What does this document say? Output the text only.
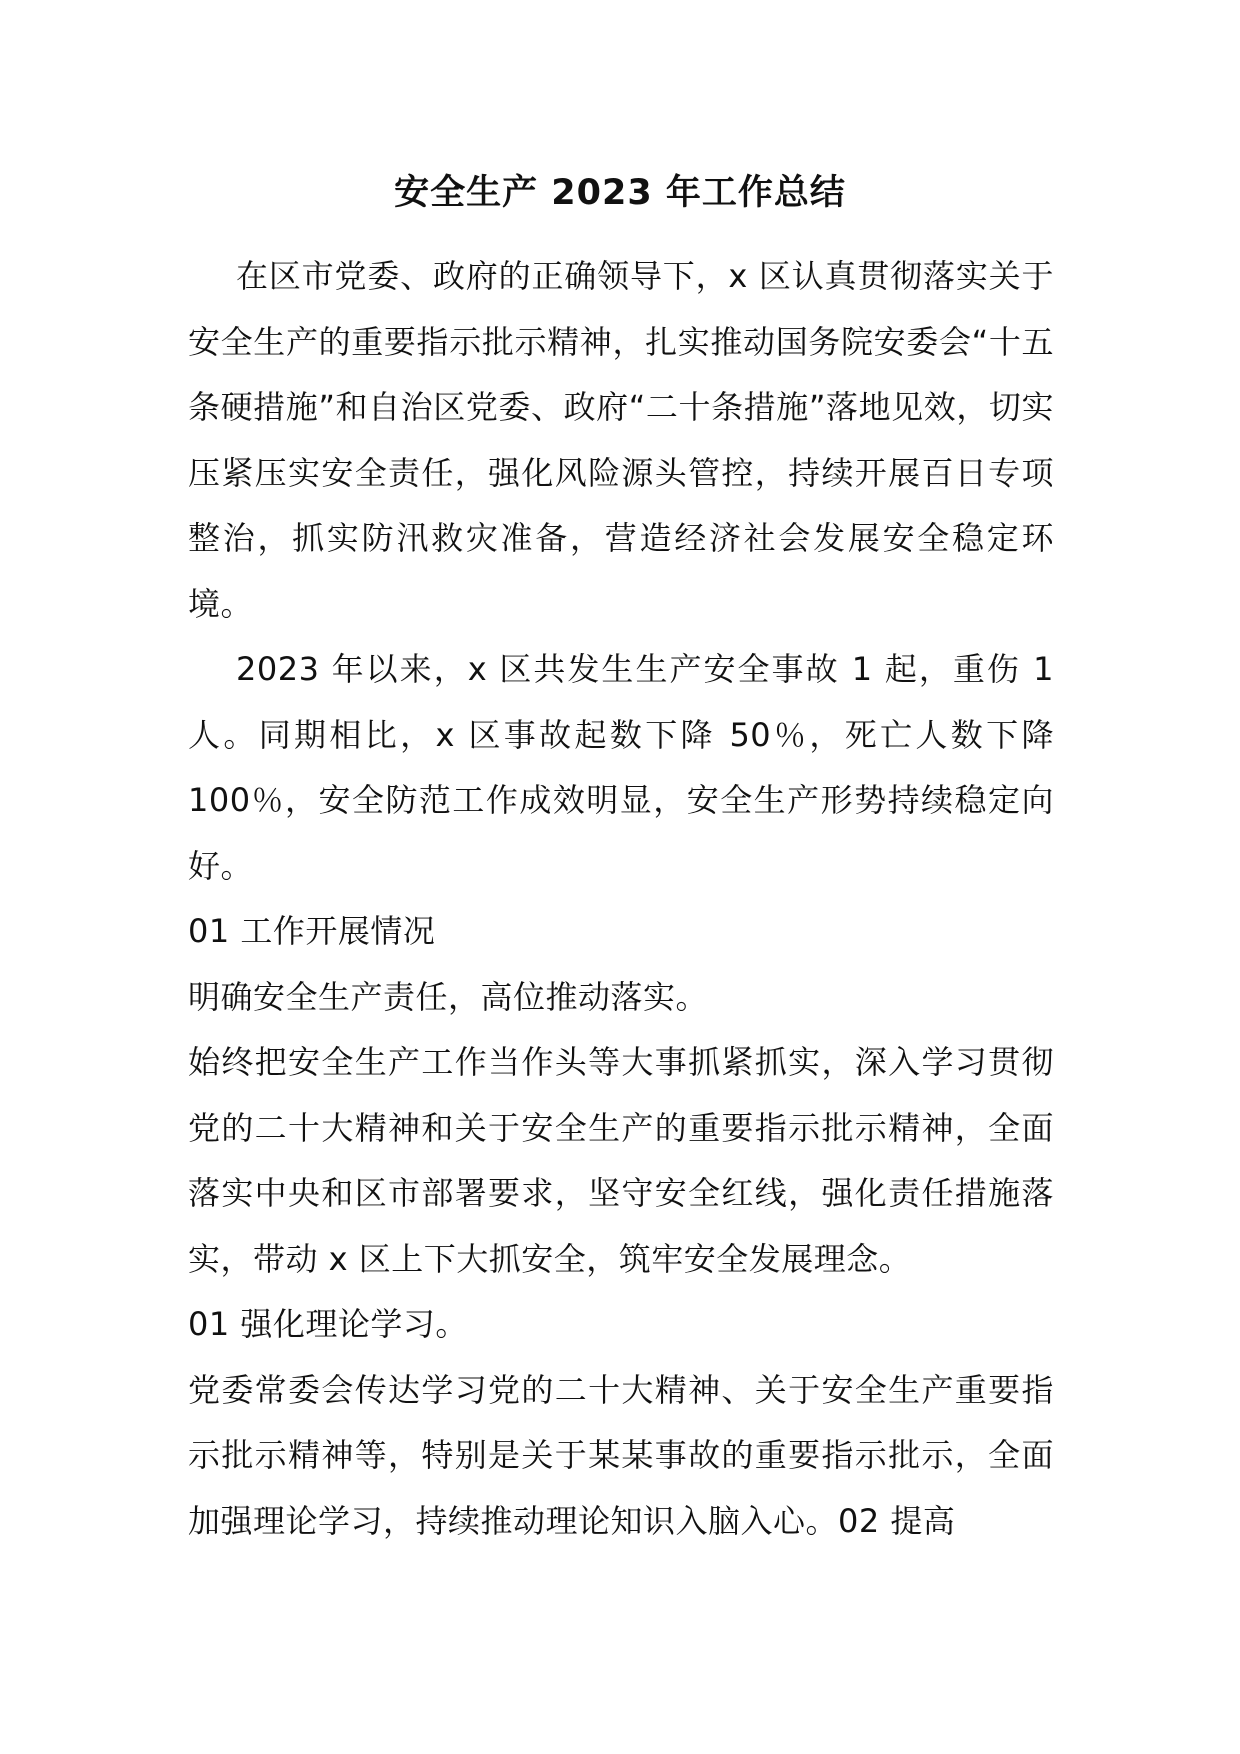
安全生产 2023 年工作总结

在区市党委、政府的正确领导下，x 区认真贯彻落实关于安全生产的重要指示批示精神，扎实推动国务院安委会“十五条硬措施”和自治区党委、政府“二十条措施”落地见效，切实压紧压实安全责任，强化风险源头管控，持续开展百日专项整治，抓实防汛救灾准备，营造经济社会发展安全稳定环境。

2023 年以来，x 区共发生生产安全事故 1 起，重伤 1 人。同期相比，x 区事故起数下降 50％，死亡人数下降 100％，安全防范工作成效明显，安全生产形势持续稳定向好。

01 工作开展情况

明确安全生产责任，高位推动落实。

始终把安全生产工作当作头等大事抓紧抓实，深入学习贯彻党的二十大精神和关于安全生产的重要指示批示精神，全面落实中央和区市部署要求，坚守安全红线，强化责任措施落实，带动 x 区上下大抓安全，筑牢安全发展理念。

01 强化理论学习。

党委常委会传达学习党的二十大精神、关于安全生产重要指示批示精神等，特别是关于某某事故的重要指示批示，全面加强理论学习，持续推动理论知识入脑入心。02 提高
